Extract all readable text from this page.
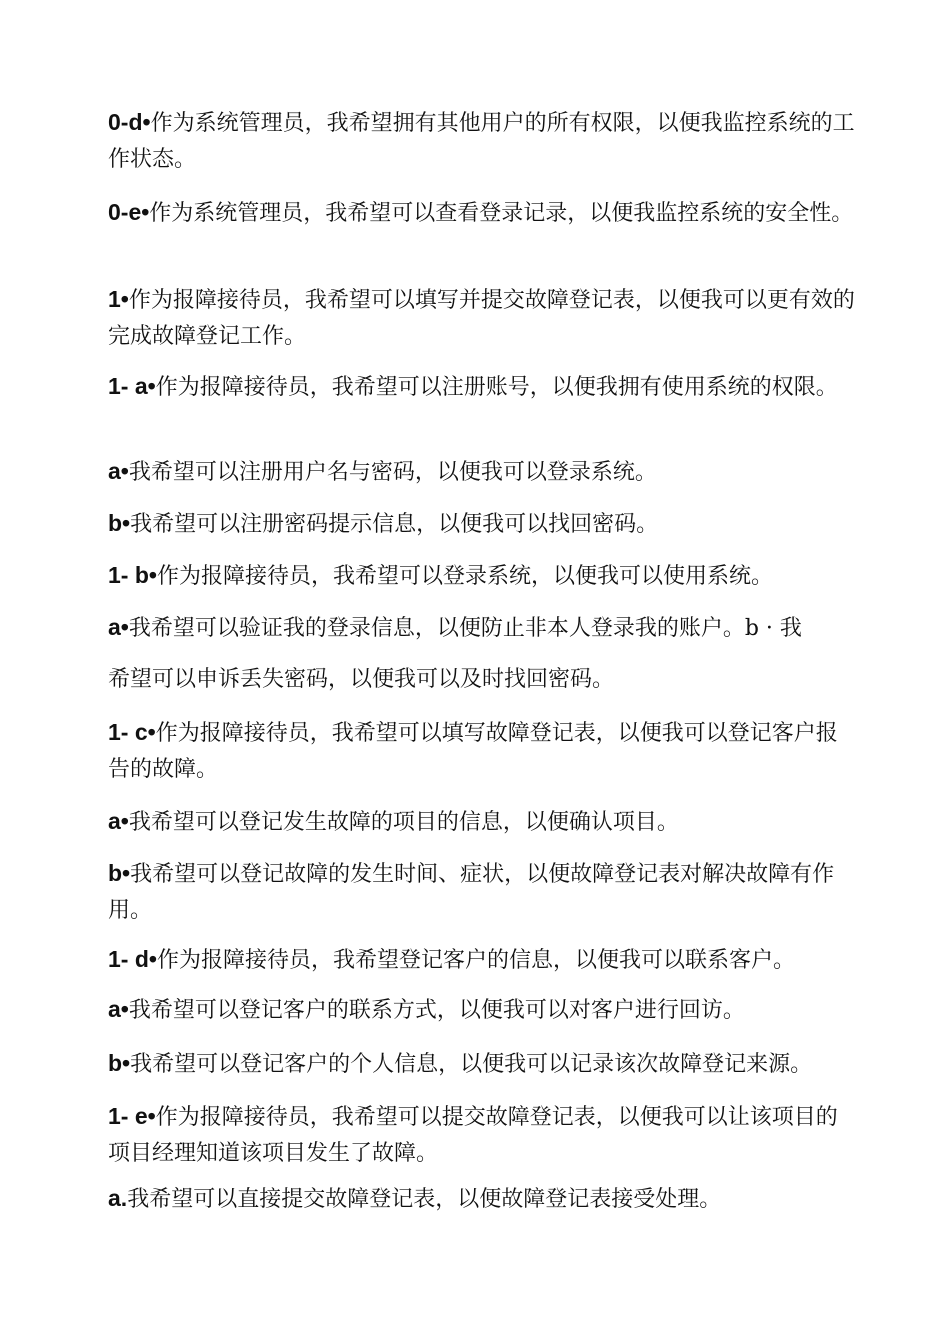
0-d•作为系统管理员，我希望拥有其他用户的所有权限，以便我监控系统的工作状态。

0-e•作为系统管理员，我希望可以查看登录记录，以便我监控系统的安全性。

1•作为报障接待员，我希望可以填写并提交故障登记表，以便我可以更有效的完成故障登记工作。

1- a•作为报障接待员，我希望可以注册账号，以便我拥有使用系统的权限。

a•我希望可以注册用户名与密码，以便我可以登录系统。

b•我希望可以注册密码提示信息，以便我可以找回密码。

1- b•作为报障接待员，我希望可以登录系统，以便我可以使用系统。

a•我希望可以验证我的登录信息，以便防止非本人登录我的账户。b · 我

希望可以申诉丢失密码，以便我可以及时找回密码。

1- c•作为报障接待员，我希望可以填写故障登记表，以便我可以登记客户报告的故障。

a•我希望可以登记发生故障的项目的信息，以便确认项目。

b•我希望可以登记故障的发生时间、症状，以便故障登记表对解决故障有作用。

1- d•作为报障接待员，我希望登记客户的信息，以便我可以联系客户。

a•我希望可以登记客户的联系方式，以便我可以对客户进行回访。

b•我希望可以登记客户的个人信息，以便我可以记录该次故障登记来源。

1- e•作为报障接待员，我希望可以提交故障登记表，以便我可以让该项目的项目经理知道该项目发生了故障。

a.我希望可以直接提交故障登记表，以便故障登记表接受处理。
